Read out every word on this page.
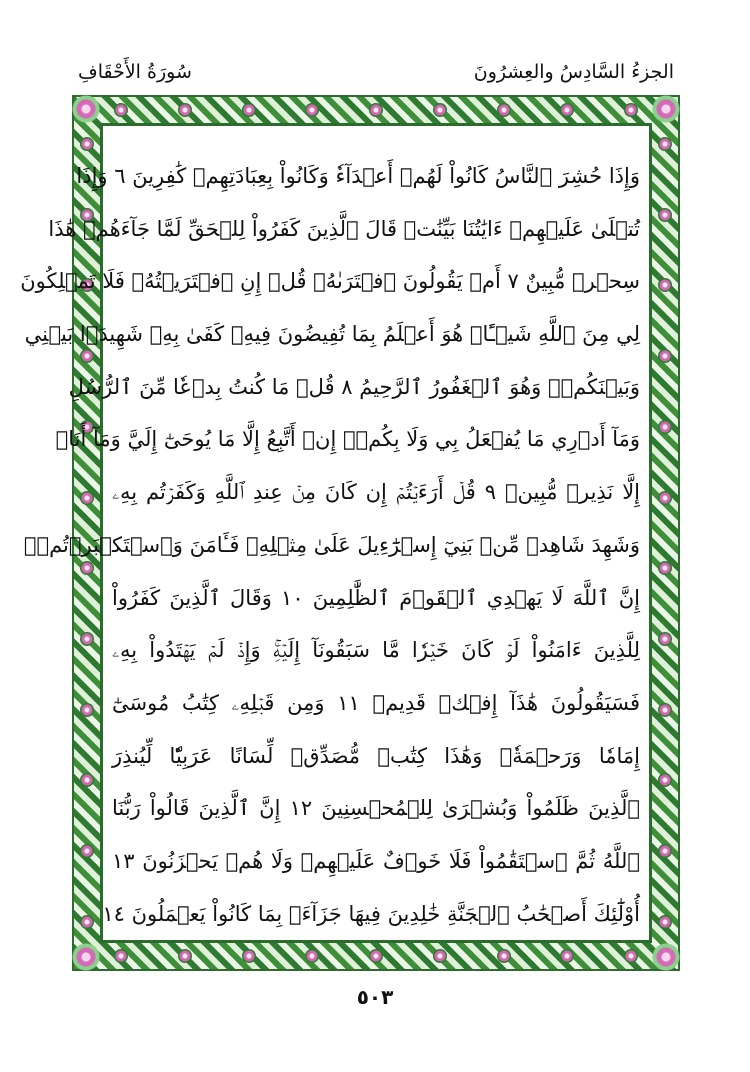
الجزءُ السَّادِسُ والعِشرُونَ
سُورَةُ الأَحْقَافِ
وَإِذَا حُشِرَ ٱلنَّاسُ كَانُواْ لَهُمۡ أَعۡدَآءٗ وَكَانُواْ بِعِبَادَتِهِمۡ كَٰفِرِينَ ٦ وَإِذَا
تُتۡلَىٰ عَلَيۡهِمۡ ءَايَٰتُنَا بَيِّنَٰتٖ قَالَ ٱلَّذِينَ كَفَرُواْ لِلۡحَقِّ لَمَّا جَآءَهُمۡ هَٰذَا
سِحۡرٞ مُّبِينٌ ٧ أَمۡ يَقُولُونَ ٱفۡتَرَىٰهُۖ قُلۡ إِنِ ٱفۡتَرَيۡتُهُۥ فَلَا تَمۡلِكُونَ
لِي مِنَ ٱللَّهِ شَيۡـًٔاۖ هُوَ أَعۡلَمُ بِمَا تُفِيضُونَ فِيهِۚ كَفَىٰ بِهِۦ شَهِيدَۢا بَيۡنِي
وَبَيۡنَكُمۡۖ وَهُوَ ٱلۡغَفُورُ ٱلرَّحِيمُ ٨ قُلۡ مَا كُنتُ بِدۡعٗا مِّنَ ٱلرُّسُلِ
وَمَآ أَدۡرِي مَا يُفۡعَلُ بِي وَلَا بِكُمۡۖ إِنۡ أَتَّبِعُ إِلَّا مَا يُوحَىٰٓ إِلَيَّ وَمَآ أَنَا۠
إِلَّا نَذِيرٞ مُّبِينٞ ٩ قُلۡ أَرَءَيۡتُمۡ إِن كَانَ مِنۡ عِندِ ٱللَّهِ وَكَفَرۡتُم بِهِۦ
وَشَهِدَ شَاهِدٞ مِّنۢ بَنِيٓ إِسۡرَٰٓءِيلَ عَلَىٰ مِثۡلِهِۦ فَـَٔامَنَ وَٱسۡتَكۡبَرۡتُمۡۚ
إِنَّ ٱللَّهَ لَا يَهۡدِي ٱلۡقَوۡمَ ٱلظَّٰلِمِينَ ١٠ وَقَالَ ٱلَّذِينَ كَفَرُواْ
لِلَّذِينَ ءَامَنُواْ لَوۡ كَانَ خَيۡرٗا مَّا سَبَقُونَآ إِلَيۡهِۚ وَإِذۡ لَمۡ يَهۡتَدُواْ بِهِۦ
فَسَيَقُولُونَ هَٰذَآ إِفۡكٞ قَدِيمٞ ١١ وَمِن قَبۡلِهِۦ كِتَٰبُ مُوسَىٰٓ
إِمَامٗا وَرَحۡمَةٗۚ وَهَٰذَا كِتَٰبٞ مُّصَدِّقٞ لِّسَانًا عَرَبِيّٗا لِّيُنذِرَ
ٱلَّذِينَ ظَلَمُواْ وَبُشۡرَىٰ لِلۡمُحۡسِنِينَ ١٢ إِنَّ ٱلَّذِينَ قَالُواْ رَبُّنَا
ٱللَّهُ ثُمَّ ٱسۡتَقَٰمُواْ فَلَا خَوۡفٌ عَلَيۡهِمۡ وَلَا هُمۡ يَحۡزَنُونَ ١٣
أُوْلَٰٓئِكَ أَصۡحَٰبُ ٱلۡجَنَّةِ خَٰلِدِينَ فِيهَا جَزَآءَۢ بِمَا كَانُواْ يَعۡمَلُونَ ١٤
٥٠٣
